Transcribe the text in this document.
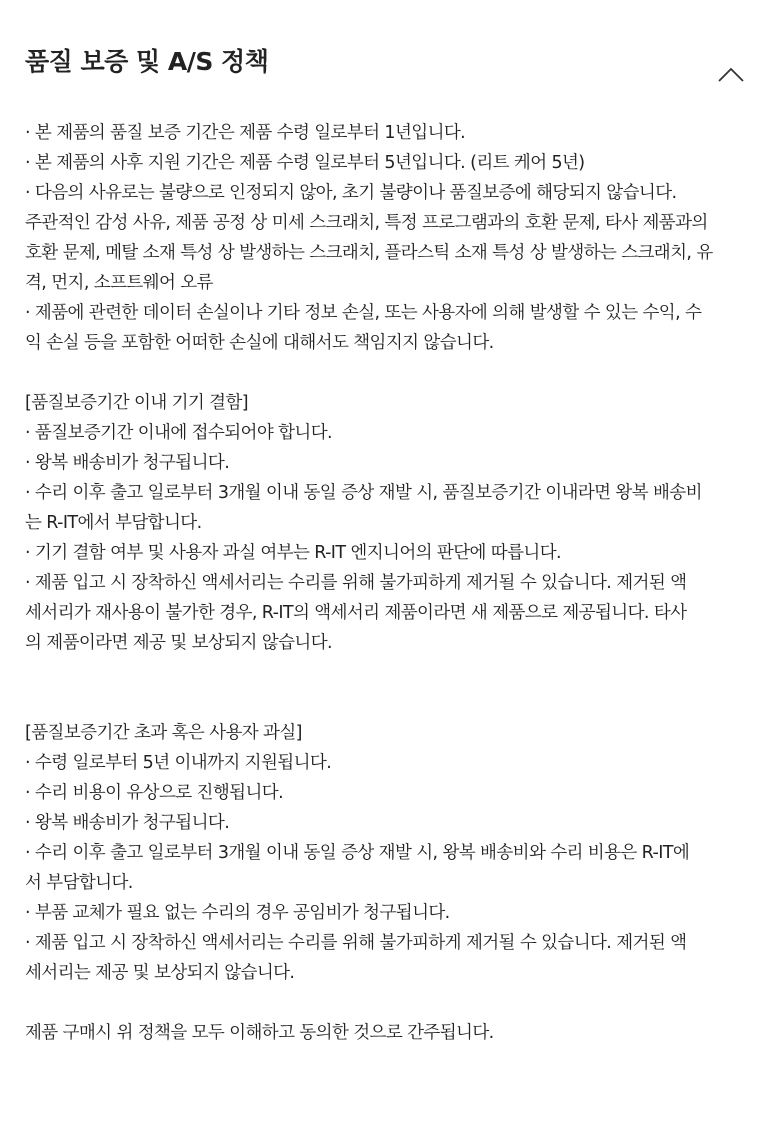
품질 보증 및 A/S 정책
· 본 제품의 품질 보증 기간은 제품 수령 일로부터 1년입니다.
· 본 제품의 사후 지원 기간은 제품 수령 일로부터 5년입니다. (리트 케어 5년)
· 다음의 사유로는 불량으로 인정되지 않아, 초기 불량이나 품질보증에 해당되지 않습니다.
주관적인 감성 사유, 제품 공정 상 미세 스크래치, 특정 프로그램과의 호환 문제, 타사 제품과의
호환 문제, 메탈 소재 특성 상 발생하는 스크래치, 플라스틱 소재 특성 상 발생하는 스크래치, 유
격, 먼지, 소프트웨어 오류
· 제품에 관련한 데이터 손실이나 기타 정보 손실, 또는 사용자에 의해 발생할 수 있는 수익, 수
익 손실 등을 포함한 어떠한 손실에 대해서도 책임지지 않습니다.
[품질보증기간 이내 기기 결함]
· 품질보증기간 이내에 접수되어야 합니다.
· 왕복 배송비가 청구됩니다.
· 수리 이후 출고 일로부터 3개월 이내 동일 증상 재발 시, 품질보증기간 이내라면 왕복 배송비
는 R-IT에서 부담합니다.
· 기기 결함 여부 및 사용자 과실 여부는 R-IT 엔지니어의 판단에 따릅니다.
· 제품 입고 시 장착하신 액세서리는 수리를 위해 불가피하게 제거될 수 있습니다. 제거된 액
세서리가 재사용이 불가한 경우, R-IT의 액세서리 제품이라면 새 제품으로 제공됩니다. 타사
의 제품이라면 제공 및 보상되지 않습니다.
[품질보증기간 초과 혹은 사용자 과실]
· 수령 일로부터 5년 이내까지 지원됩니다.
· 수리 비용이 유상으로 진행됩니다.
· 왕복 배송비가 청구됩니다.
· 수리 이후 출고 일로부터 3개월 이내 동일 증상 재발 시, 왕복 배송비와 수리 비용은 R-IT에
서 부담합니다.
· 부품 교체가 필요 없는 수리의 경우 공임비가 청구됩니다.
· 제품 입고 시 장착하신 액세서리는 수리를 위해 불가피하게 제거될 수 있습니다. 제거된 액
세서리는 제공 및 보상되지 않습니다.
제품 구매시 위 정책을 모두 이해하고 동의한 것으로 간주됩니다.
